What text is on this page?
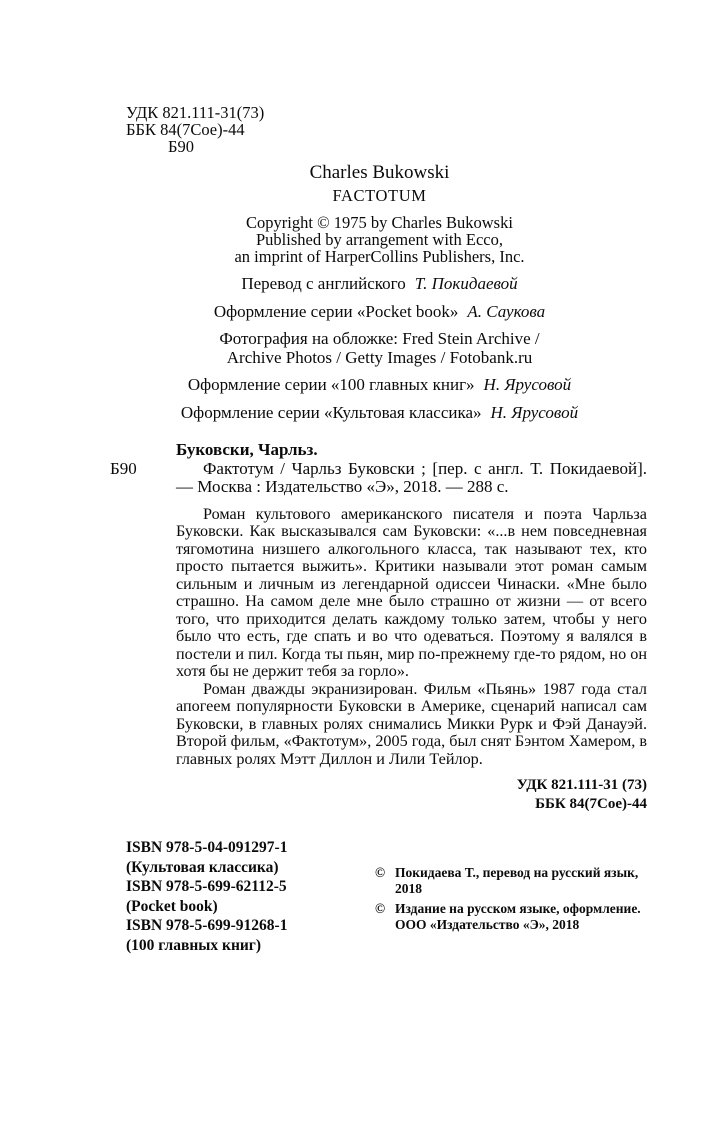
УДК 821.111-31(73)
ББК 84(7Сое)-44
Б90
Charles Bukowski
FACTOTUM
Copyright © 1975 by Charles Bukowski
Published by arrangement with Ecco,
an imprint of HarperCollins Publishers, Inc.
Перевод с английского Т. Покидаевой
Оформление серии «Pocket book» А. Саукова
Фотография на обложке: Fred Stein Archive /
Archive Photos / Getty Images / Fotobank.ru
Оформление серии «100 главных книг» Н. Ярусовой
Оформление серии «Культовая классика» Н. Ярусовой
Б90
Буковски, Чарльз.
Фактотум / Чарльз Буковски ; [пер. с англ. Т. Покидаевой]. — Москва : Издательство «Э», 2018. — 288 с.

Роман культового американского писателя и поэта Чарльза Буковски. Как высказывался сам Буковски: «...в нем повседневная тягомотина низшего алкогольного класса, так называют тех, кто просто пытается выжить». Критики называли этот роман самым сильным и личным из легендарной одиссеи Чинаски. «Мне было страшно. На самом деле мне было страшно от жизни — от всего того, что приходится делать каждому только затем, чтобы у него было что есть, где спать и во что одеваться. Поэтому я валялся в постели и пил. Когда ты пьян, мир по-прежнему где-то рядом, но он хотя бы не держит тебя за горло».

Роман дважды экранизирован. Фильм «Пьянь» 1987 года стал апогеем популярности Буковски в Америке, сценарий написал сам Буковски, в главных ролях снимались Микки Рурк и Фэй Данауэй. Второй фильм, «Фактотум», 2005 года, был снят Бэнтом Хамером, в главных ролях Мэтт Диллон и Лили Тейлор.

УДК 821.111-31 (73)
ББК 84(7Сое)-44
ISBN 978-5-04-091297-1
(Культовая классика)
ISBN 978-5-699-62112-5
(Pocket book)
ISBN 978-5-699-91268-1
(100 главных книг)
© Покидаева Т., перевод на русский язык, 2018
© Издание на русском языке, оформление. ООО «Издательство «Э», 2018
